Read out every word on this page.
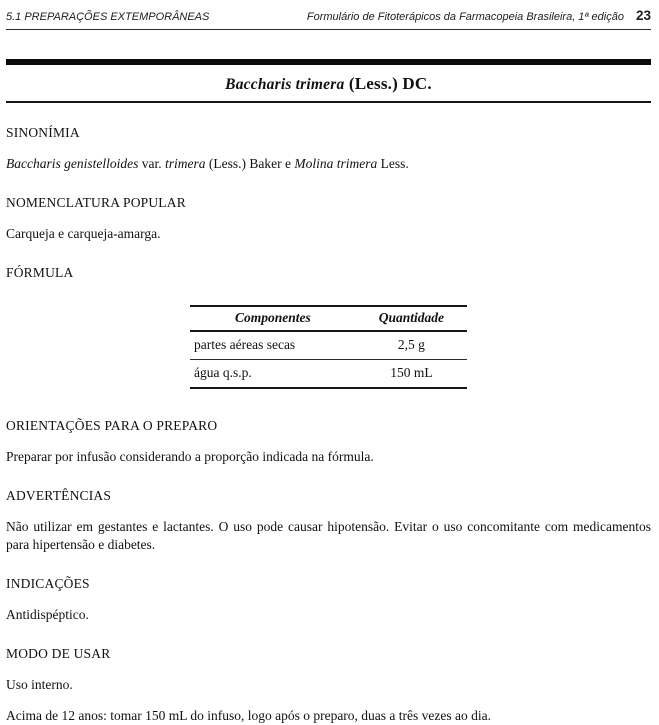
5.1 PREPARAÇÕES EXTEMPORÂNEAS	Formulário de Fitoterápicos da Farmacopeia Brasileira, 1ª edição 23
Baccharis trimera (Less.) DC.
SINONÍMIA
Baccharis genistelloides var. trimera (Less.) Baker e Molina trimera Less.
NOMENCLATURA POPULAR
Carqueja e carqueja-amarga.
FÓRMULA
Componentes	Quantidade
partes aéreas secas	2,5 g
água q.s.p.	150 mL
ORIENTAÇÕES PARA O PREPARO
Preparar por infusão considerando a proporção indicada na fórmula.
ADVERTÊNCIAS
Não utilizar em gestantes e lactantes. O uso pode causar hipotensão. Evitar o uso concomitante com medicamentos para hipertensão e diabetes.
INDICAÇÕES
Antidispéptico.
MODO DE USAR
Uso interno.
Acima de 12 anos: tomar 150 mL do infuso, logo após o preparo, duas a três vezes ao dia.
